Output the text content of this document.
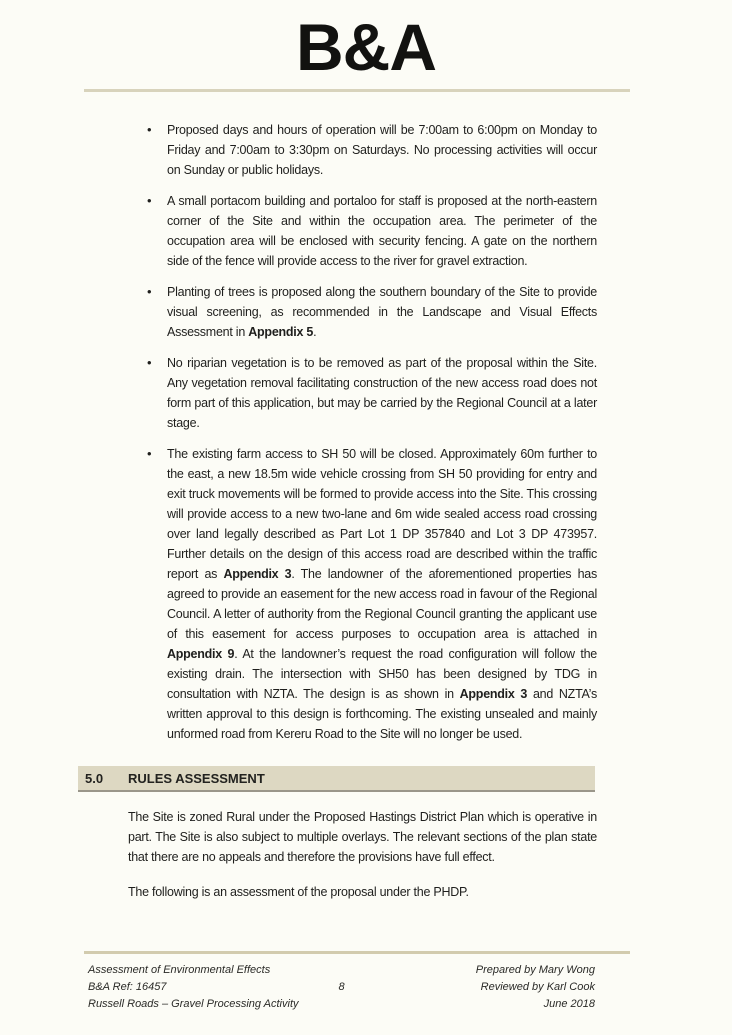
B&A
• Proposed days and hours of operation will be 7:00am to 6:00pm on Monday to Friday and 7:00am to 3:30pm on Saturdays. No processing activities will occur on Sunday or public holidays.
• A small portacom building and portaloo for staff is proposed at the north-eastern corner of the Site and within the occupation area. The perimeter of the occupation area will be enclosed with security fencing. A gate on the northern side of the fence will provide access to the river for gravel extraction.
• Planting of trees is proposed along the southern boundary of the Site to provide visual screening, as recommended in the Landscape and Visual Effects Assessment in Appendix 5.
• No riparian vegetation is to be removed as part of the proposal within the Site. Any vegetation removal facilitating construction of the new access road does not form part of this application, but may be carried by the Regional Council at a later stage.
• The existing farm access to SH 50 will be closed. Approximately 60m further to the east, a new 18.5m wide vehicle crossing from SH 50 providing for entry and exit truck movements will be formed to provide access into the Site. This crossing will provide access to a new two-lane and 6m wide sealed access road crossing over land legally described as Part Lot 1 DP 357840 and Lot 3 DP 473957. Further details on the design of this access road are described within the traffic report as Appendix 3. The landowner of the aforementioned properties has agreed to provide an easement for the new access road in favour of the Regional Council. A letter of authority from the Regional Council granting the applicant use of this easement for access purposes to occupation area is attached in Appendix 9. At the landowner’s request the road configuration will follow the existing drain. The intersection with SH50 has been designed by TDG in consultation with NZTA. The design is as shown in Appendix 3 and NZTA’s written approval to this design is forthcoming. The existing unsealed and mainly unformed road from Kereru Road to the Site will no longer be used.
5.0 RULES ASSESSMENT

The Site is zoned Rural under the Proposed Hastings District Plan which is operative in part. The Site is also subject to multiple overlays. The relevant sections of the plan state that there are no appeals and therefore the provisions have full effect.

The following is an assessment of the proposal under the PHDP.

Assessment of Environmental Effects
B&A Ref: 16457
Russell Roads – Gravel Processing Activity
8
Prepared by Mary Wong
Reviewed by Karl Cook
June 2018
